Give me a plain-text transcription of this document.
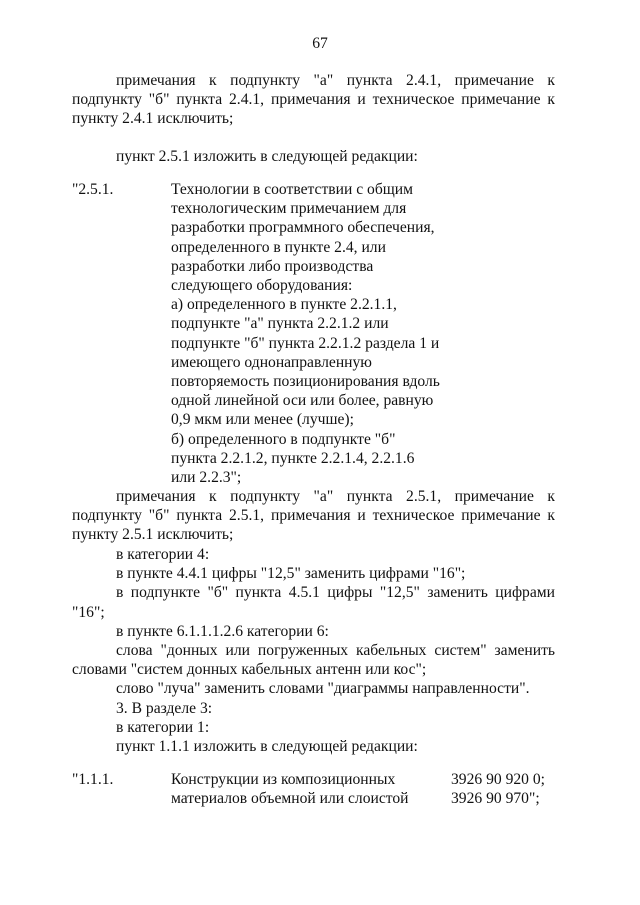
67
примечания к подпункту "а" пункта 2.4.1, примечание к
подпункту "б" пункта 2.4.1, примечания и техническое примечание к
пункту 2.4.1 исключить;
пункт 2.5.1 изложить в следующей редакции:
"2.5.1.	Технологии в соответствии с общим
технологическим примечанием для
разработки программного обеспечения,
определенного в пункте 2.4, или
разработки либо производства
следующего оборудования:
а) определенного в пункте 2.2.1.1,
подпункте "а" пункта 2.2.1.2 или
подпункте "б" пункта 2.2.1.2 раздела 1 и
имеющего однонаправленную
повторяемость позиционирования вдоль
одной линейной оси или более, равную
0,9 мкм или менее (лучше);
б) определенного в подпункте "б"
пункта 2.2.1.2, пункте 2.2.1.4, 2.2.1.6
или 2.2.3";
примечания к подпункту "а" пункта 2.5.1, примечание к
подпункту "б" пункта 2.5.1, примечания и техническое примечание к
пункту 2.5.1 исключить;
в категории 4:
в пункте 4.4.1 цифры "12,5" заменить цифрами "16";
в подпункте "б" пункта 4.5.1 цифры "12,5" заменить цифрами
"16";
в пункте 6.1.1.1.2.6 категории 6:
слова "донных или погруженных кабельных систем" заменить
словами "систем донных кабельных антенн или кос";
слово "луча" заменить словами "диаграммы направленности".
3. В разделе 3:
в категории 1:
пункт 1.1.1 изложить в следующей редакции:
"1.1.1.	Конструкции из композиционных
материалов объемной или слоистой
3926 90 920 0;
3926 90 970";
